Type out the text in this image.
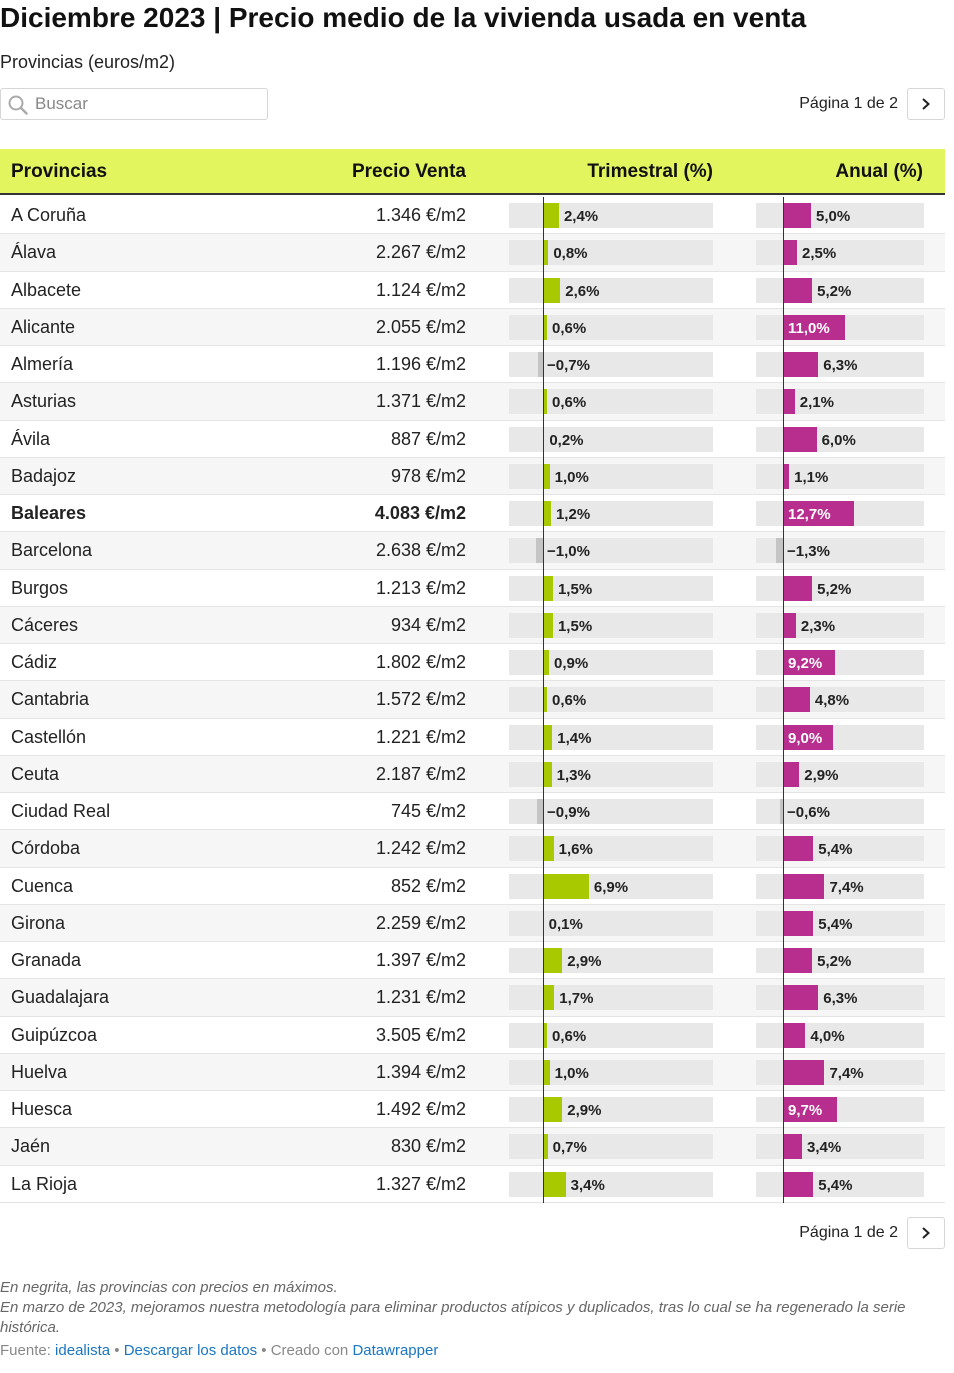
Diciembre 2023 | Precio medio de la vivienda usada en venta
Provincias (euros/m2)
Buscar
Página 1 de 2
Provincias	Precio Venta	Trimestral (%)	Anual (%)
A Coruña	1.346 €/m2	2,4%	5,0%
Álava	2.267 €/m2	0,8%	2,5%
Albacete	1.124 €/m2	2,6%	5,2%
Alicante	2.055 €/m2	0,6%	11,0%
Almería	1.196 €/m2	−0,7%	6,3%
Asturias	1.371 €/m2	0,6%	2,1%
Ávila	887 €/m2	0,2%	6,0%
Badajoz	978 €/m2	1,0%	1,1%
Baleares	4.083 €/m2	1,2%	12,7%
Barcelona	2.638 €/m2	−1,0%	−1,3%
Burgos	1.213 €/m2	1,5%	5,2%
Cáceres	934 €/m2	1,5%	2,3%
Cádiz	1.802 €/m2	0,9%	9,2%
Cantabria	1.572 €/m2	0,6%	4,8%
Castellón	1.221 €/m2	1,4%	9,0%
Ceuta	2.187 €/m2	1,3%	2,9%
Ciudad Real	745 €/m2	−0,9%	−0,6%
Córdoba	1.242 €/m2	1,6%	5,4%
Cuenca	852 €/m2	6,9%	7,4%
Girona	2.259 €/m2	0,1%	5,4%
Granada	1.397 €/m2	2,9%	5,2%
Guadalajara	1.231 €/m2	1,7%	6,3%
Guipúzcoa	3.505 €/m2	0,6%	4,0%
Huelva	1.394 €/m2	1,0%	7,4%
Huesca	1.492 €/m2	2,9%	9,7%
Jaén	830 €/m2	0,7%	3,4%
La Rioja	1.327 €/m2	3,4%	5,4%
Página 1 de 2
En negrita, las provincias con precios en máximos.
En marzo de 2023, mejoramos nuestra metodología para eliminar productos atípicos y duplicados, tras lo cual se ha regenerado la serie histórica.
Fuente: idealista • Descargar los datos • Creado con Datawrapper
